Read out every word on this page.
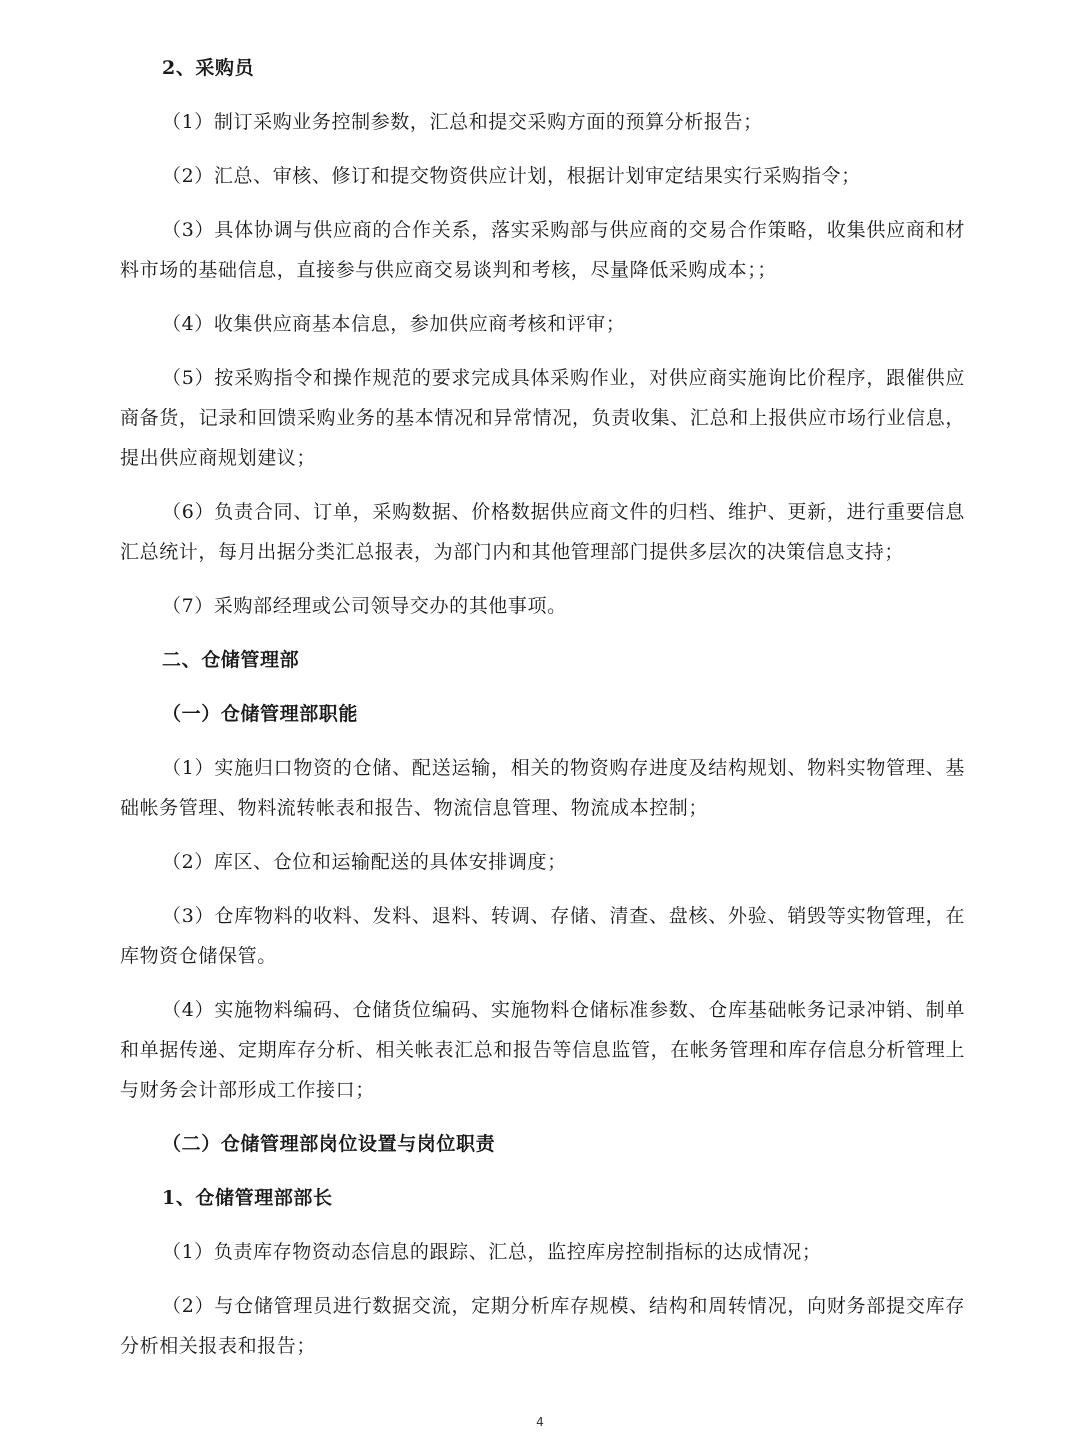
2、采购员
（1）制订采购业务控制参数，汇总和提交采购方面的预算分析报告；
（2）汇总、审核、修订和提交物资供应计划，根据计划审定结果实行采购指令；
（3）具体协调与供应商的合作关系，落实采购部与供应商的交易合作策略，收集供应商和材料市场的基础信息，直接参与供应商交易谈判和考核，尽量降低采购成本；；
（4）收集供应商基本信息，参加供应商考核和评审；
（5）按采购指令和操作规范的要求完成具体采购作业，对供应商实施询比价程序，跟催供应商备货，记录和回馈采购业务的基本情况和异常情况，负责收集、汇总和上报供应市场行业信息，提出供应商规划建议；
（6）负责合同、订单，采购数据、价格数据供应商文件的归档、维护、更新，进行重要信息汇总统计，每月出据分类汇总报表，为部门内和其他管理部门提供多层次的决策信息支持；
（7）采购部经理或公司领导交办的其他事项。
二、仓储管理部
（一）仓储管理部职能
（1）实施归口物资的仓储、配送运输，相关的物资购存进度及结构规划、物料实物管理、基础帐务管理、物料流转帐表和报告、物流信息管理、物流成本控制；
（2）库区、仓位和运输配送的具体安排调度；
（3）仓库物料的收料、发料、退料、转调、存储、清查、盘核、外验、销毁等实物管理，在库物资仓储保管。
（4）实施物料编码、仓储货位编码、实施物料仓储标准参数、仓库基础帐务记录冲销、制单和单据传递、定期库存分析、相关帐表汇总和报告等信息监管，在帐务管理和库存信息分析管理上与财务会计部形成工作接口；
（二）仓储管理部岗位设置与岗位职责
1、仓储管理部部长
（1）负责库存物资动态信息的跟踪、汇总，监控库房控制指标的达成情况；
（2）与仓储管理员进行数据交流，定期分析库存规模、结构和周转情况，向财务部提交库存分析相关报表和报告；
4
